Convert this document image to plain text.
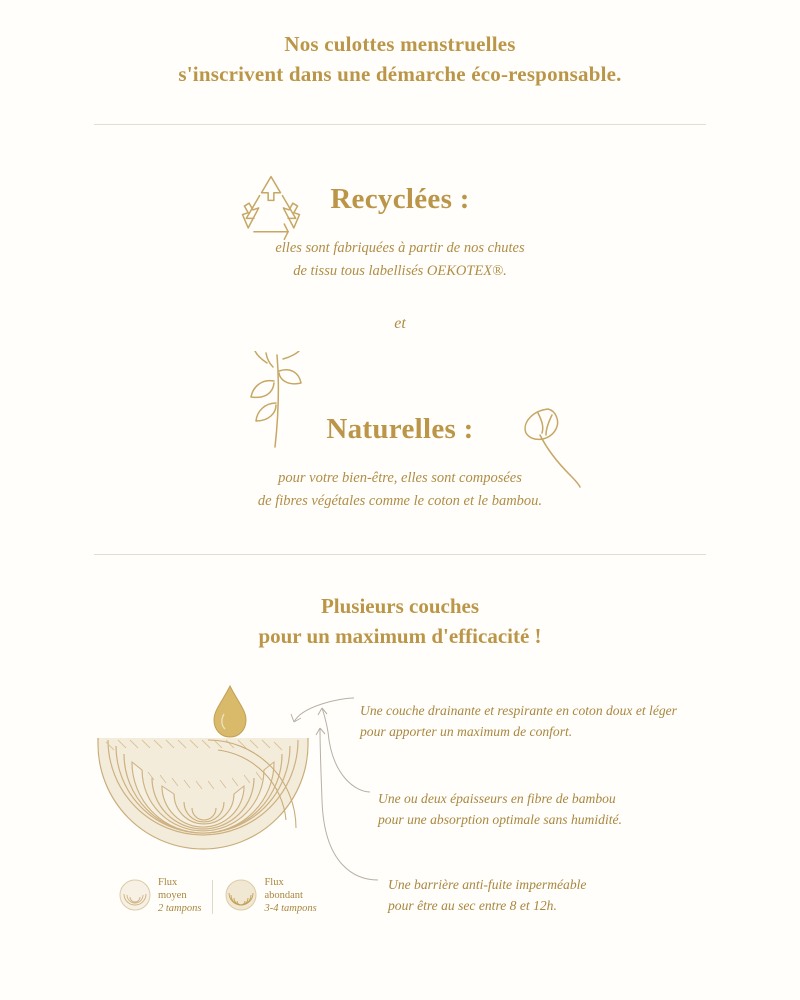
Nos culottes menstruelles
s'inscrivent dans une démarche éco-responsable.
Recyclées :
elles sont fabriquées à partir de nos chutes
de tissu tous labellisés OEKOTEX®.
et
Naturelles :
pour votre bien-être, elles sont composées
de fibres végétales comme le coton et le bambou.
Plusieurs couches
pour un maximum d'efficacité !
Une couche drainante et respirante en coton doux et léger
pour apporter un maximum de confort.
Une ou deux épaisseurs en fibre de bambou
pour une absorption optimale sans humidité.
Une barrière anti-fuite imperméable
pour être au sec entre 8 et 12h.
Flux
moyen
2 tampons
Flux
abondant
3-4 tampons
